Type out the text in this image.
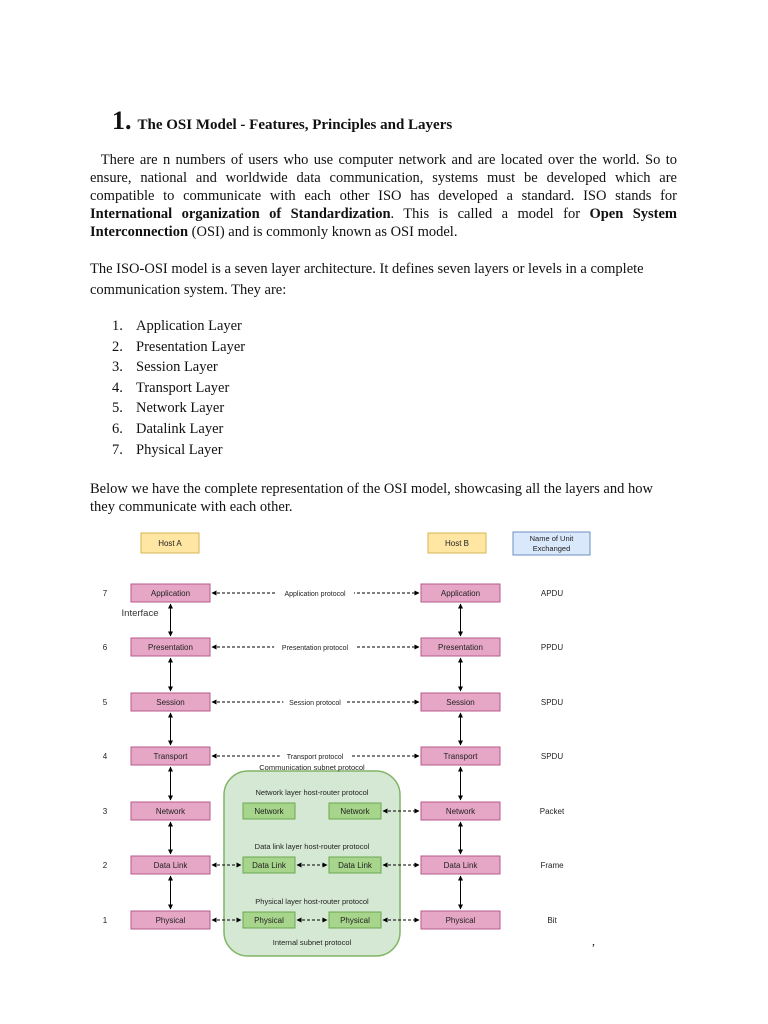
1. The OSI Model - Features, Principles and Layers

There are n numbers of users who use computer network and are located over the world. So to ensure, national and worldwide data communication, systems must be developed which are compatible to communicate with each other ISO has developed a standard. ISO stands for International organization of Standardization. This is called a model for Open System Interconnection (OSI) and is commonly known as OSI model.

The ISO-OSI model is a seven layer architecture. It defines seven layers or levels in a complete communication system. They are:

1. Application Layer
2. Presentation Layer
3. Session Layer
4. Transport Layer
5. Network Layer
6. Datalink Layer
7. Physical Layer

Below we have the complete representation of the OSI model, showcasing all the layers and how they communicate with each other.

Host A	Host B
Name of Unit
Exchanged
Communication subnet protocol
Internal subnet protocol
7	Application	Application	APDU
Application protocol
6	Presentation	Presentation	PPDU
Presentation protocol
5	Session	Session	SPDU
Session protocol
4	Transport	Transport	SPDU
Transport protocol
3	Network	Network	Packet
Network	Network
Network layer host-router protocol
2	Data Link	Data Link	Frame
Data Link	Data Link
Data link layer host-router protocol
1	Physical	Physical	Bit
Physical	Physical
Physical layer host-router protocol
Interface
,
